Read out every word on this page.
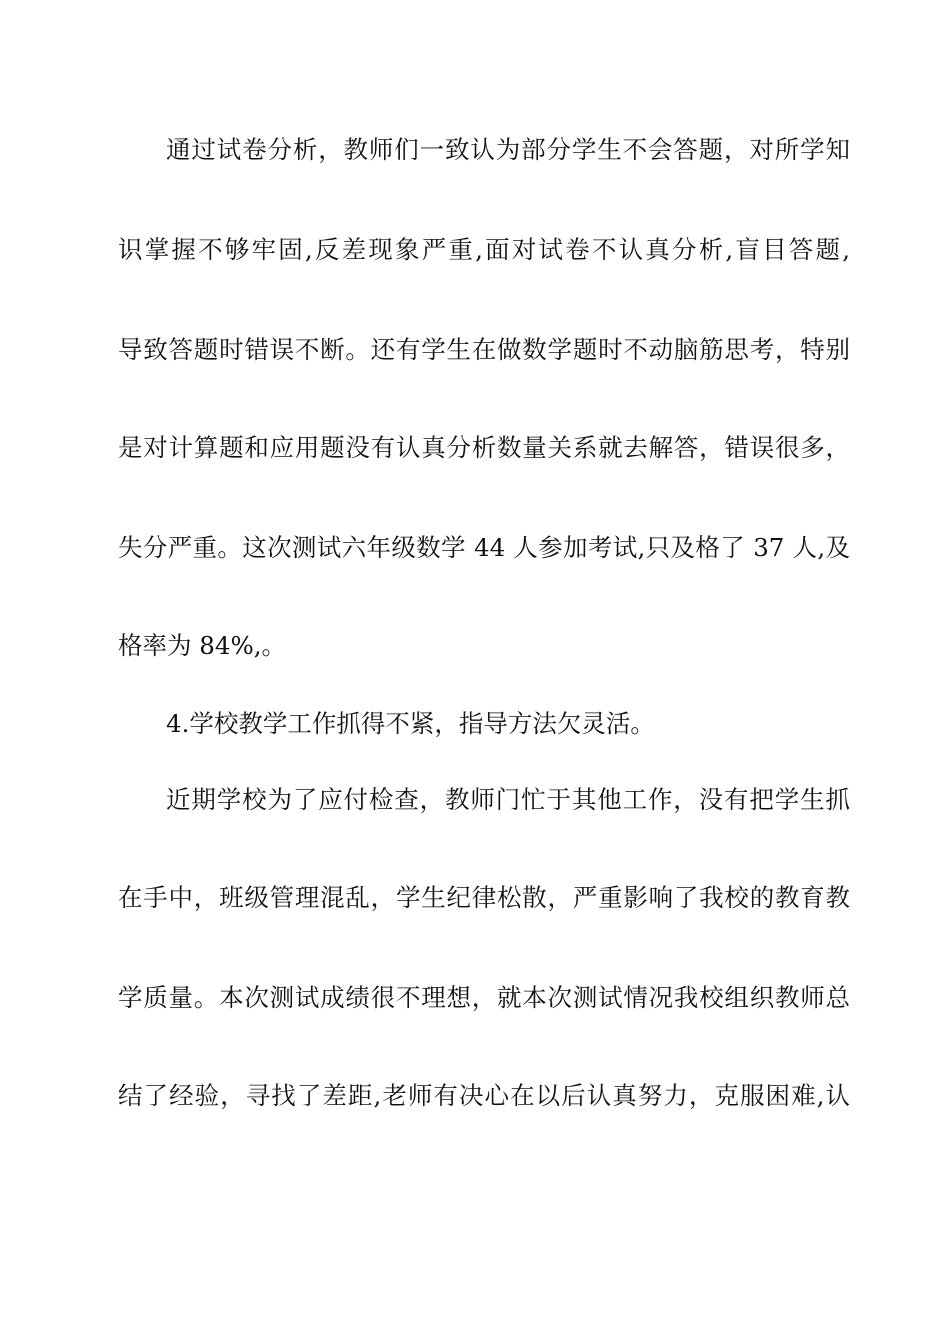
通过试卷分析，教师们一致认为部分学生不会答题，对所学知
识掌握不够牢固,反差现象严重,面对试卷不认真分析,盲目答题,
导致答题时错误不断。还有学生在做数学题时不动脑筋思考，特别
是对计算题和应用题没有认真分析数量关系就去解答，错误很多，
失分严重。这次测试六年级数学 44 人参加考试,只及格了 37 人,及
格率为 84%,。
4.学校教学工作抓得不紧，指导方法欠灵活。
近期学校为了应付检查，教师门忙于其他工作，没有把学生抓
在手中，班级管理混乱，学生纪律松散，严重影响了我校的教育教
学质量。本次测试成绩很不理想，就本次测试情况我校组织教师总
结了经验，寻找了差距,老师有决心在以后认真努力，克服困难,认
